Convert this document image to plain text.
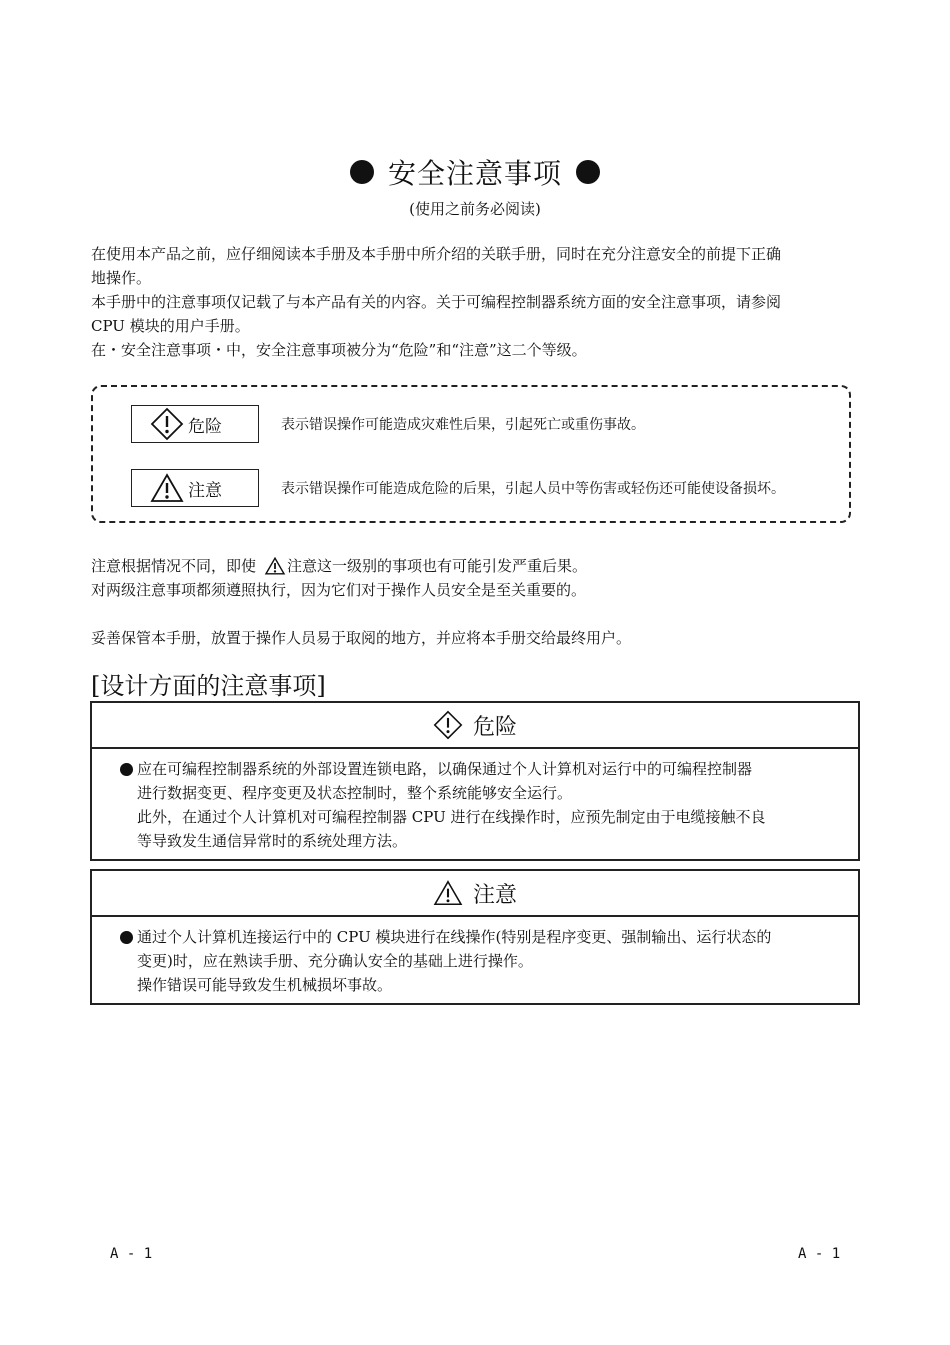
安全注意事项
(使用之前务必阅读)
在使用本产品之前，应仔细阅读本手册及本手册中所介绍的关联手册，同时在充分注意安全的前提下正确
地操作。
本手册中的注意事项仅记载了与本产品有关的内容。关于可编程控制器系统方面的安全注意事项，请参阅
CPU 模块的用户手册。
在・安全注意事项・中，安全注意事项被分为“危险”和“注意”这二个等级。
危险	表示错误操作可能造成灾难性后果，引起死亡或重伤事故。
注意	表示错误操作可能造成危险的后果，引起人员中等伤害或轻伤还可能使设备损坏。
注意根据情况不同，即使 注意这一级别的事项也有可能引发严重后果。
对两级注意事项都须遵照执行，因为它们对于操作人员安全是至关重要的。
妥善保管本手册，放置于操作人员易于取阅的地方，并应将本手册交给最终用户。
[设计方面的注意事项]
危险

应在可编程控制器系统的外部设置连锁电路，以确保通过个人计算机对运行中的可编程控制器

进行数据变更、程序变更及状态控制时，整个系统能够安全运行。

此外，在通过个人计算机对可编程控制器 CPU 进行在线操作时，应预先制定由于电缆接触不良

等导致发生通信异常时的系统处理方法。

注意

通过个人计算机连接运行中的 CPU 模块进行在线操作(特别是程序变更、强制输出、运行状态的

变更)时，应在熟读手册、充分确认安全的基础上进行操作。

操作错误可能导致发生机械损坏事故。

A - 1	A - 1
